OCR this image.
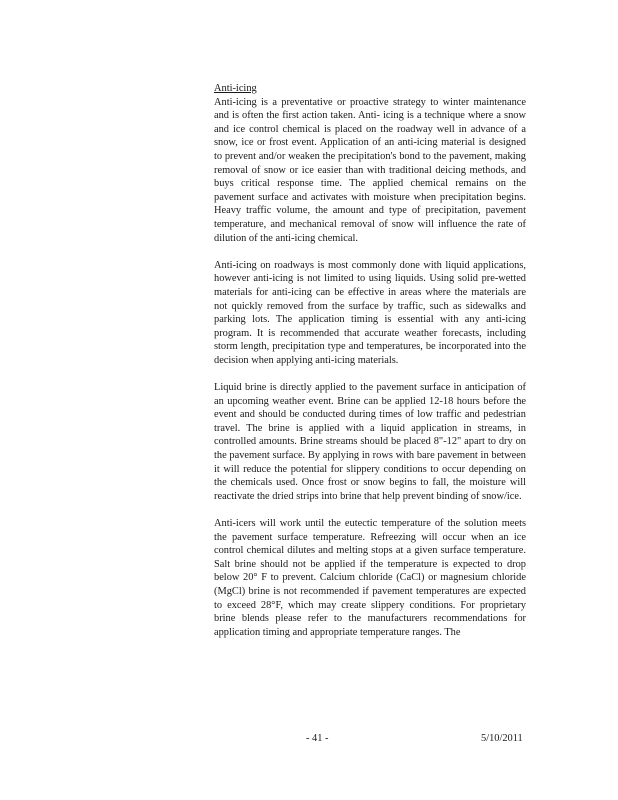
Anti-icing

Anti-icing is a preventative or proactive strategy to winter maintenance and is often the first action taken. Anti- icing is a technique where a snow and ice control chemical is placed on the roadway well in advance of a snow, ice or frost event. Application of an anti-icing material is designed to prevent and/or weaken the precipitation's bond to the pavement, making removal of snow or ice easier than with traditional deicing methods, and buys critical response time. The applied chemical remains on the pavement surface and activates with moisture when precipitation begins. Heavy traffic volume, the amount and type of precipitation, pavement temperature, and mechanical removal of snow will influence the rate of dilution of the anti-icing chemical.

Anti-icing on roadways is most commonly done with liquid applications, however anti-icing is not limited to using liquids. Using solid pre-wetted materials for anti-icing can be effective in areas where the materials are not quickly removed from the surface by traffic, such as sidewalks and parking lots. The application timing is essential with any anti-icing program. It is recommended that accurate weather forecasts, including storm length, precipitation type and temperatures, be incorporated into the decision when applying anti-icing materials.

Liquid brine is directly applied to the pavement surface in anticipation of an upcoming weather event. Brine can be applied 12-18 hours before the event and should be conducted during times of low traffic and pedestrian travel. The brine is applied with a liquid application in streams, in controlled amounts. Brine streams should be placed 8"-12" apart to dry on the pavement surface. By applying in rows with bare pavement in between it will reduce the potential for slippery conditions to occur depending on the chemicals used. Once frost or snow begins to fall, the moisture will reactivate the dried strips into brine that help prevent binding of snow/ice.

Anti-icers will work until the eutectic temperature of the solution meets the pavement surface temperature. Refreezing will occur when an ice control chemical dilutes and melting stops at a given surface temperature. Salt brine should not be applied if the temperature is expected to drop below 20° F to prevent. Calcium chloride (CaCl) or magnesium chloride (MgCl) brine is not recommended if pavement temperatures are expected to exceed 28°F, which may create slippery conditions. For proprietary brine blends please refer to the manufacturers recommendations for application timing and appropriate temperature ranges. The

- 41 -	5/10/2011
